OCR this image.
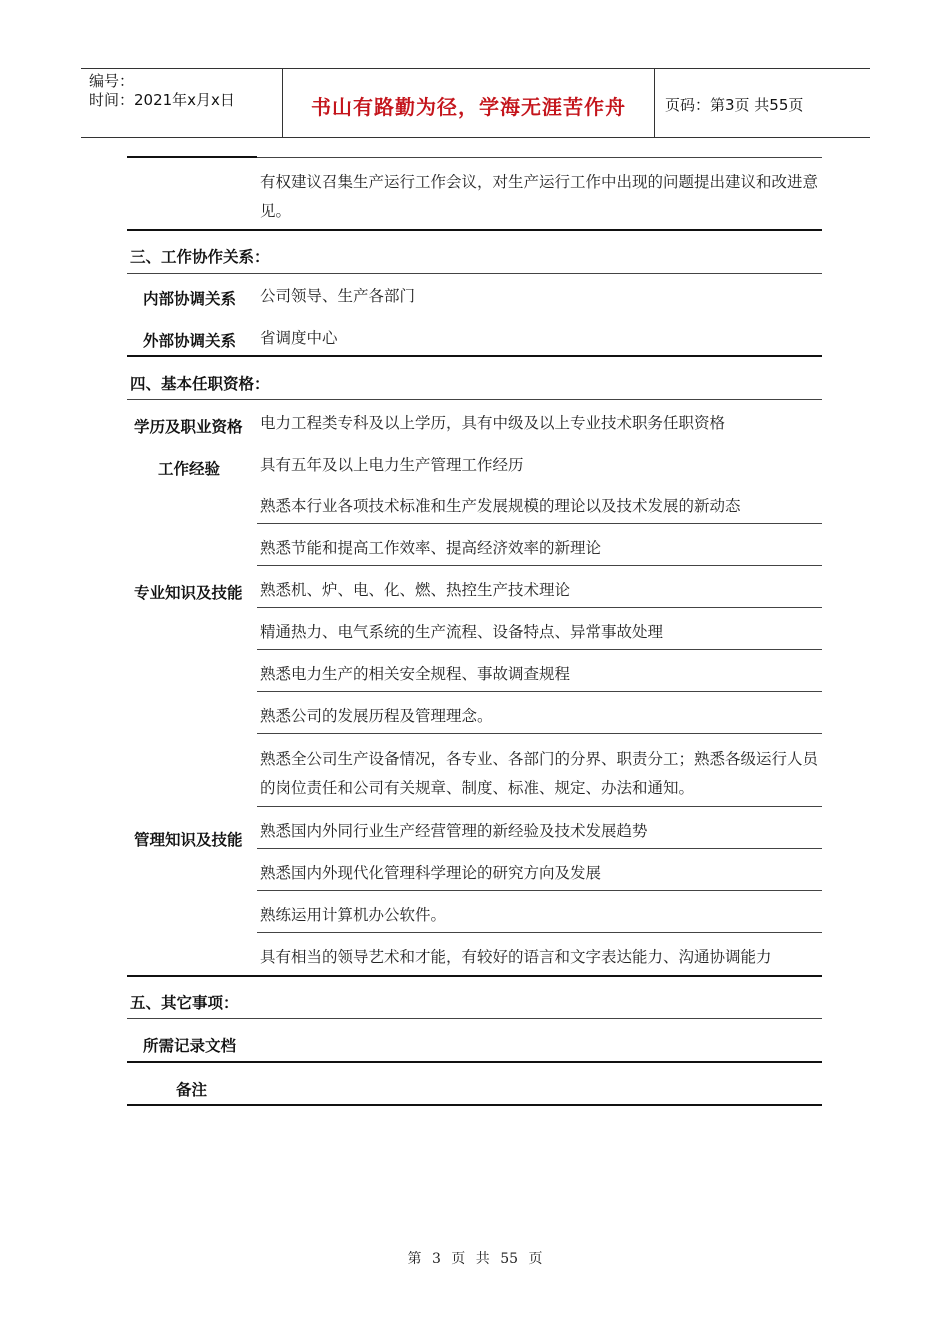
编号：
时间：2021年x月x日	书山有路勤为径，学海无涯苦作舟	页码：第3页 共55页
有权建议召集生产运行工作会议，对生产运行工作中出现的问题提出建议和改进意见。
三、工作协作关系：
内部协调关系 公司领导、生产各部门
外部协调关系 省调度中心
四、基本任职资格：
学历及职业资格 电力工程类专科及以上学历，具有中级及以上专业技术职务任职资格
工作经验	具有五年及以上电力生产管理工作经历
熟悉本行业各项技术标准和生产发展规模的理论以及技术发展的新动态
熟悉节能和提高工作效率、提高经济效率的新理论
专业知识及技能 熟悉机、炉、电、化、燃、热控生产技术理论
精通热力、电气系统的生产流程、设备特点、异常事故处理
熟悉电力生产的相关安全规程、事故调查规程
熟悉公司的发展历程及管理理念。
熟悉全公司生产设备情况，各专业、各部门的分界、职责分工；熟悉各级运行人员的岗位责任和公司有关规章、制度、标准、规定、办法和通知。
管理知识及技能 熟悉国内外同行业生产经营管理的新经验及技术发展趋势
熟悉国内外现代化管理科学理论的研究方向及发展
熟练运用计算机办公软件。
具有相当的领导艺术和才能，有较好的语言和文字表达能力、沟通协调能力
五、其它事项：
所需记录文档
备注
第 3 页 共 55 页
